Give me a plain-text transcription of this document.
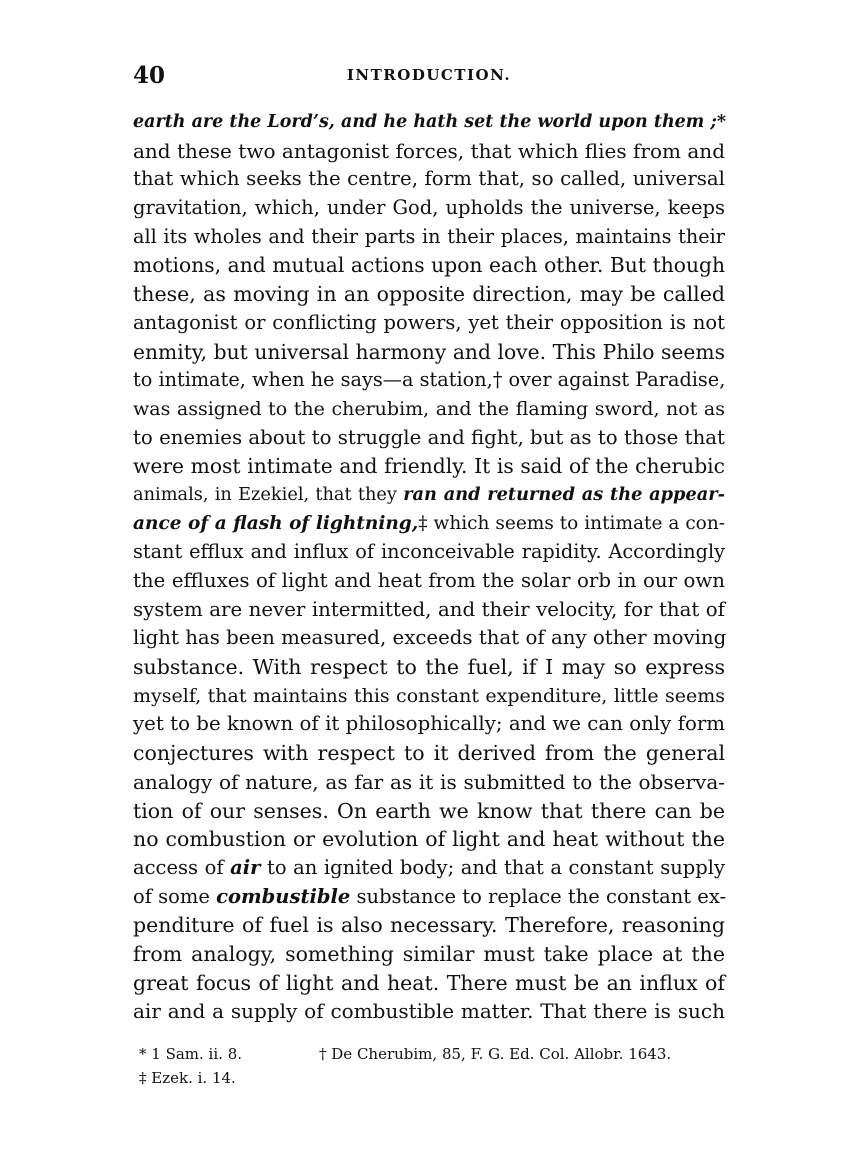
40	INTRODUCTION.
earth are the Lord’s, and he hath set the world upon them ;*
and these two antagonist forces, that which flies from and
that which seeks the centre, form that, so called, universal
gravitation, which, under God, upholds the universe, keeps
all its wholes and their parts in their places, maintains their
motions, and mutual actions upon each other. But though
these, as moving in an opposite direction, may be called
antagonist or conflicting powers, yet their opposition is not
enmity, but universal harmony and love. This Philo seems
to intimate, when he says—a station,† over against Paradise,
was assigned to the cherubim, and the flaming sword, not as
to enemies about to struggle and fight, but as to those that
were most intimate and friendly. It is said of the cherubic
animals, in Ezekiel, that they ran and returned as the appear-
ance of a flash of lightning,‡ which seems to intimate a con-
stant efflux and influx of inconceivable rapidity. Accordingly
the effluxes of light and heat from the solar orb in our own
system are never intermitted, and their velocity, for that of
light has been measured, exceeds that of any other moving
substance. With respect to the fuel, if I may so express
myself, that maintains this constant expenditure, little seems
yet to be known of it philosophically; and we can only form
conjectures with respect to it derived from the general
analogy of nature, as far as it is submitted to the observa-
tion of our senses. On earth we know that there can be
no combustion or evolution of light and heat without the
access of air to an ignited body; and that a constant supply
of some combustible substance to replace the constant ex-
penditure of fuel is also necessary. Therefore, reasoning
from analogy, something similar must take place at the
great focus of light and heat. There must be an influx of
air and a supply of combustible matter. That there is such
* 1 Sam. ii. 8.	† De Cherubim, 85, F. G. Ed. Col. Allobr. 1643.
‡ Ezek. i. 14.
